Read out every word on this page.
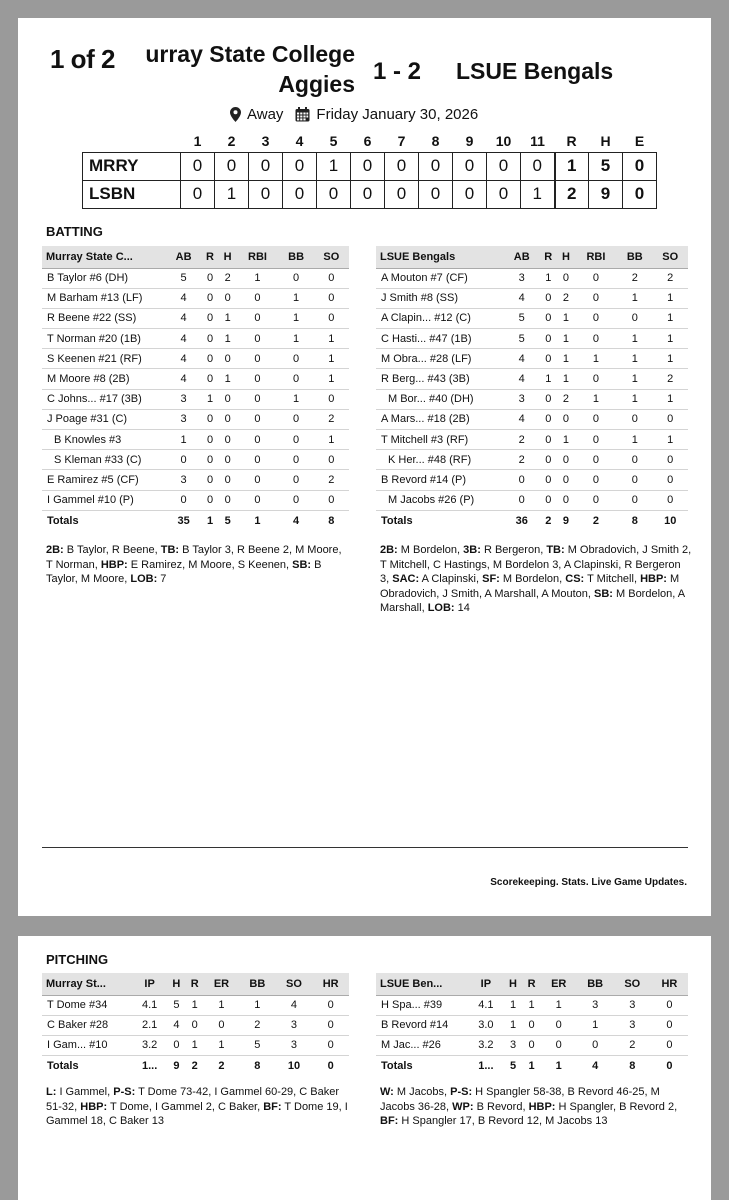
1 of 2	urray State College
Aggies 1 - 2 LSUE Bengals
Away Friday January 30, 2026
	1	2	3	4	5	6	7	8	9	10	11	R	H	E
MRRY	0	0	0	0	1	0	0	0	0	0	0	1	5	0
LSBN	0	1	0	0	0	0	0	0	0	0	1	2	9	0
BATTING
Murray State C...	AB	R	H	RBI	BB	SO
B Taylor #6 (DH)	5	0	2	1	0	0
M Barham #13 (LF)	4	0	0	0	1	0
R Beene #22 (SS)	4	0	1	0	1	0
T Norman #20 (1B)	4	0	1	0	1	1
S Keenen #21 (RF)	4	0	0	0	0	1
M Moore #8 (2B)	4	0	1	0	0	1
C Johns... #17 (3B)	3	1	0	0	1	0
J Poage #31 (C)	3	0	0	0	0	2
B Knowles #3	1	0	0	0	0	1
S Kleman #33 (C)	0	0	0	0	0	0
E Ramirez #5 (CF)	3	0	0	0	0	2
I Gammel #10 (P)	0	0	0	0	0	0
Totals	35	1	5	1	4	8
LSUE Bengals	AB	R	H	RBI	BB	SO
A Mouton #7 (CF)	3	1	0	0	2	2
J Smith #8 (SS)	4	0	2	0	1	1
A Clapin... #12 (C)	5	0	1	0	0	1
C Hasti... #47 (1B)	5	0	1	0	1	1
M Obra... #28 (LF)	4	0	1	1	1	1
R Berg... #43 (3B)	4	1	1	0	1	2
M Bor... #40 (DH)	3	0	2	1	1	1
A Mars... #18 (2B)	4	0	0	0	0	0
T Mitchell #3 (RF)	2	0	1	0	1	1
K Her... #48 (RF)	2	0	0	0	0	0
B Revord #14 (P)	0	0	0	0	0	0
M Jacobs #26 (P)	0	0	0	0	0	0
Totals	36	2	9	2	8	10
2B: B Taylor, R Beene, TB: B Taylor 3, R Beene 2, M Moore, T Norman, HBP: E Ramirez, M Moore, S Keenen, SB: B Taylor, M Moore, LOB: 7
2B: M Bordelon, 3B: R Bergeron, TB: M Obradovich, J Smith 2, T Mitchell, C Hastings, M Bordelon 3, A Clapinski, R Bergeron 3, SAC: A Clapinski, SF: M Bordelon, CS: T Mitchell, HBP: M Obradovich, J Smith, A Marshall, A Mouton, SB: M Bordelon, A Marshall, LOB: 14
Scorekeeping. Stats. Live Game Updates.
PITCHING
Murray St...	IP	H	R	ER	BB	SO	HR
T Dome #34	4.1	5	1	1	1	4	0
C Baker #28	2.1	4	0	0	2	3	0
I Gam... #10	3.2	0	1	1	5	3	0
Totals	1...	9	2	2	8	10	0
LSUE Ben...	IP	H	R	ER	BB	SO	HR
H Spa... #39	4.1	1	1	1	3	3	0
B Revord #14	3.0	1	0	0	1	3	0
M Jac... #26	3.2	3	0	0	0	2	0
Totals	1...	5	1	1	4	8	0
L: I Gammel, P-S: T Dome 73-42, I Gammel 60-29, C Baker 51-32, HBP: T Dome, I Gammel 2, C Baker, BF: T Dome 19, I Gammel 18, C Baker 13
W: M Jacobs, P-S: H Spangler 58-38, B Revord 46-25, M Jacobs 36-28, WP: B Revord, HBP: H Spangler, B Revord 2, BF: H Spangler 17, B Revord 12, M Jacobs 13
